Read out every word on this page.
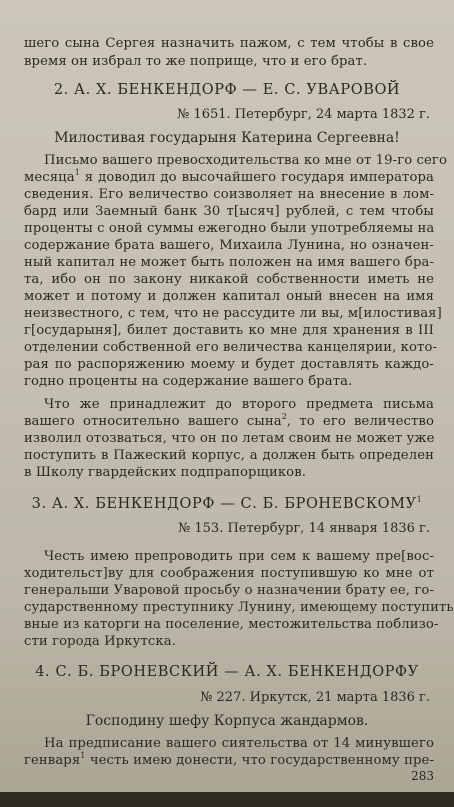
шего сына Сергея назначить пажом, с тем чтобы в свое
время он избрал то же поприще, что и его брат.
2. А. Х. БЕНКЕНДОРФ — Е. С. УВАРОВОЙ
№ 1651. Петербург, 24 марта 1832 г.
Милостивая государыня Катерина Сергеевна!
Письмо вашего превосходительства ко мне от 19-го сего
месяца$^1$ я доводил до высочайшего государя императора
сведения. Его величество соизволяет на внесение в лом-
бард или Заемный банк 30 т[ысяч] рублей, с тем чтобы
проценты с оной суммы ежегодно были употребляемы на
содержание брата вашего, Михаила Лунина, но означен-
ный капитал не может быть положен на имя вашего бра-
та, ибо он по закону никакой собственности иметь не
может и потому и должен капитал оный внесен на имя
неизвестного, с тем, что не рассудите ли вы, м[илостивая]
г[осударыня], билет доставить ко мне для хранения в III
отделении собственной его величества канцелярии, кото-
рая по распоряжению моему и будет доставлять каждо-
годно проценты на содержание вашего брата.
Что же принадлежит до второго предмета письма
вашего относительно вашего сына$^2$, то его величество
изволил отозваться, что он по летам своим не может уже
поступить в Пажеский корпус, а должен быть определен
в Школу гвардейских подпрапорщиков.
3. А. Х. БЕНКЕНДОРФ — С. Б. БРОНЕВСКОМУ$^1$
№ 153. Петербург, 14 января 1836 г.
Честь имею препроводить при сем к вашему пре[вос-
ходительст]ву для соображения поступившую ко мне от
генеральши Уваровой просьбу о назначении брату ее, го-
сударственному преступнику Лунину, имеющему поступить
вные из каторги на поселение, местожительства поблизо-
сти города Иркутска.
4. С. Б. БРОНЕВСКИЙ — А. Х. БЕНКЕНДОРФУ
№ 227. Иркутск, 21 марта 1836 г.
Господину шефу Корпуса жандармов.
На предписание вашего сиятельства от 14 минувшего
генваря$^1$ честь имею донести, что государственному пре-
283
